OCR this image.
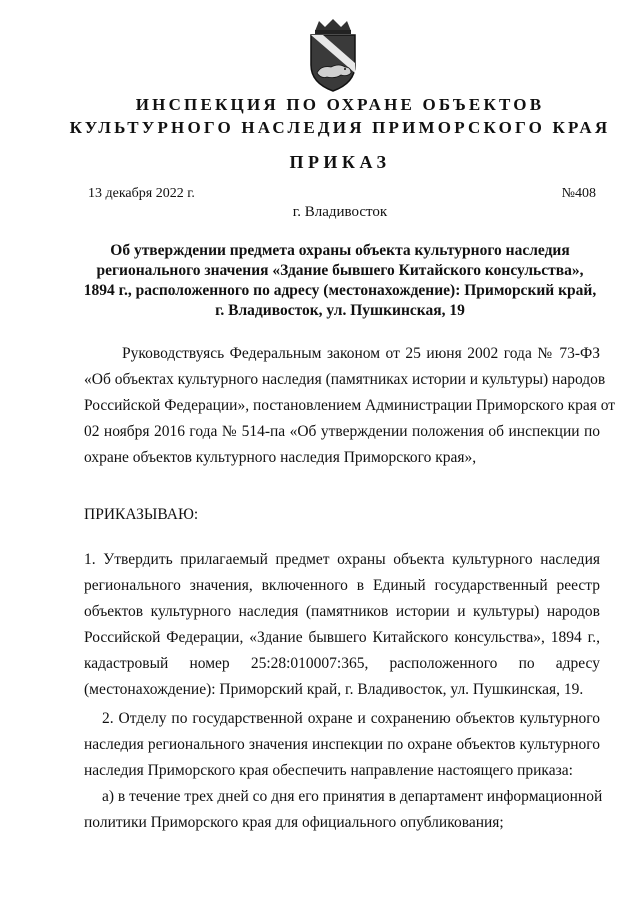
ИНСПЕКЦИЯ ПО ОХРАНЕ ОБЪЕКТОВ
КУЛЬТУРНОГО НАСЛЕДИЯ ПРИМОРСКОГО КРАЯ
ПРИКАЗ
13 декабря 2022 г.	№408
г. Владивосток
Об утверждении предмета охраны объекта культурного наследия
регионального значения «Здание бывшего Китайского консульства»,
1894 г., расположенного по адресу (местонахождение): Приморский край,
г. Владивосток, ул. Пушкинская, 19
Руководствуясь Федеральным законом от 25 июня 2002 года № 73-ФЗ
«Об объектах культурного наследия (памятниках истории и культуры) народов
Российской Федерации», постановлением Администрации Приморского края от
02 ноября 2016 года № 514-па «Об утверждении положения об инспекции по
охране объектов культурного наследия Приморского края»,
ПРИКАЗЫВАЮ:
1. Утвердить прилагаемый предмет охраны объекта культурного наследия
регионального значения, включенного в Единый государственный реестр
объектов культурного наследия (памятников истории и культуры) народов
Российской Федерации, «Здание бывшего Китайского консульства», 1894 г.,
кадастровый номер 25:28:010007:365, расположенного по адресу
(местонахождение): Приморский край, г. Владивосток, ул. Пушкинская, 19.
2. Отделу по государственной охране и сохранению объектов культурного
наследия регионального значения инспекции по охране объектов культурного
наследия Приморского края обеспечить направление настоящего приказа:
а) в течение трех дней со дня его принятия в департамент информационной
политики Приморского края для официального опубликования;
